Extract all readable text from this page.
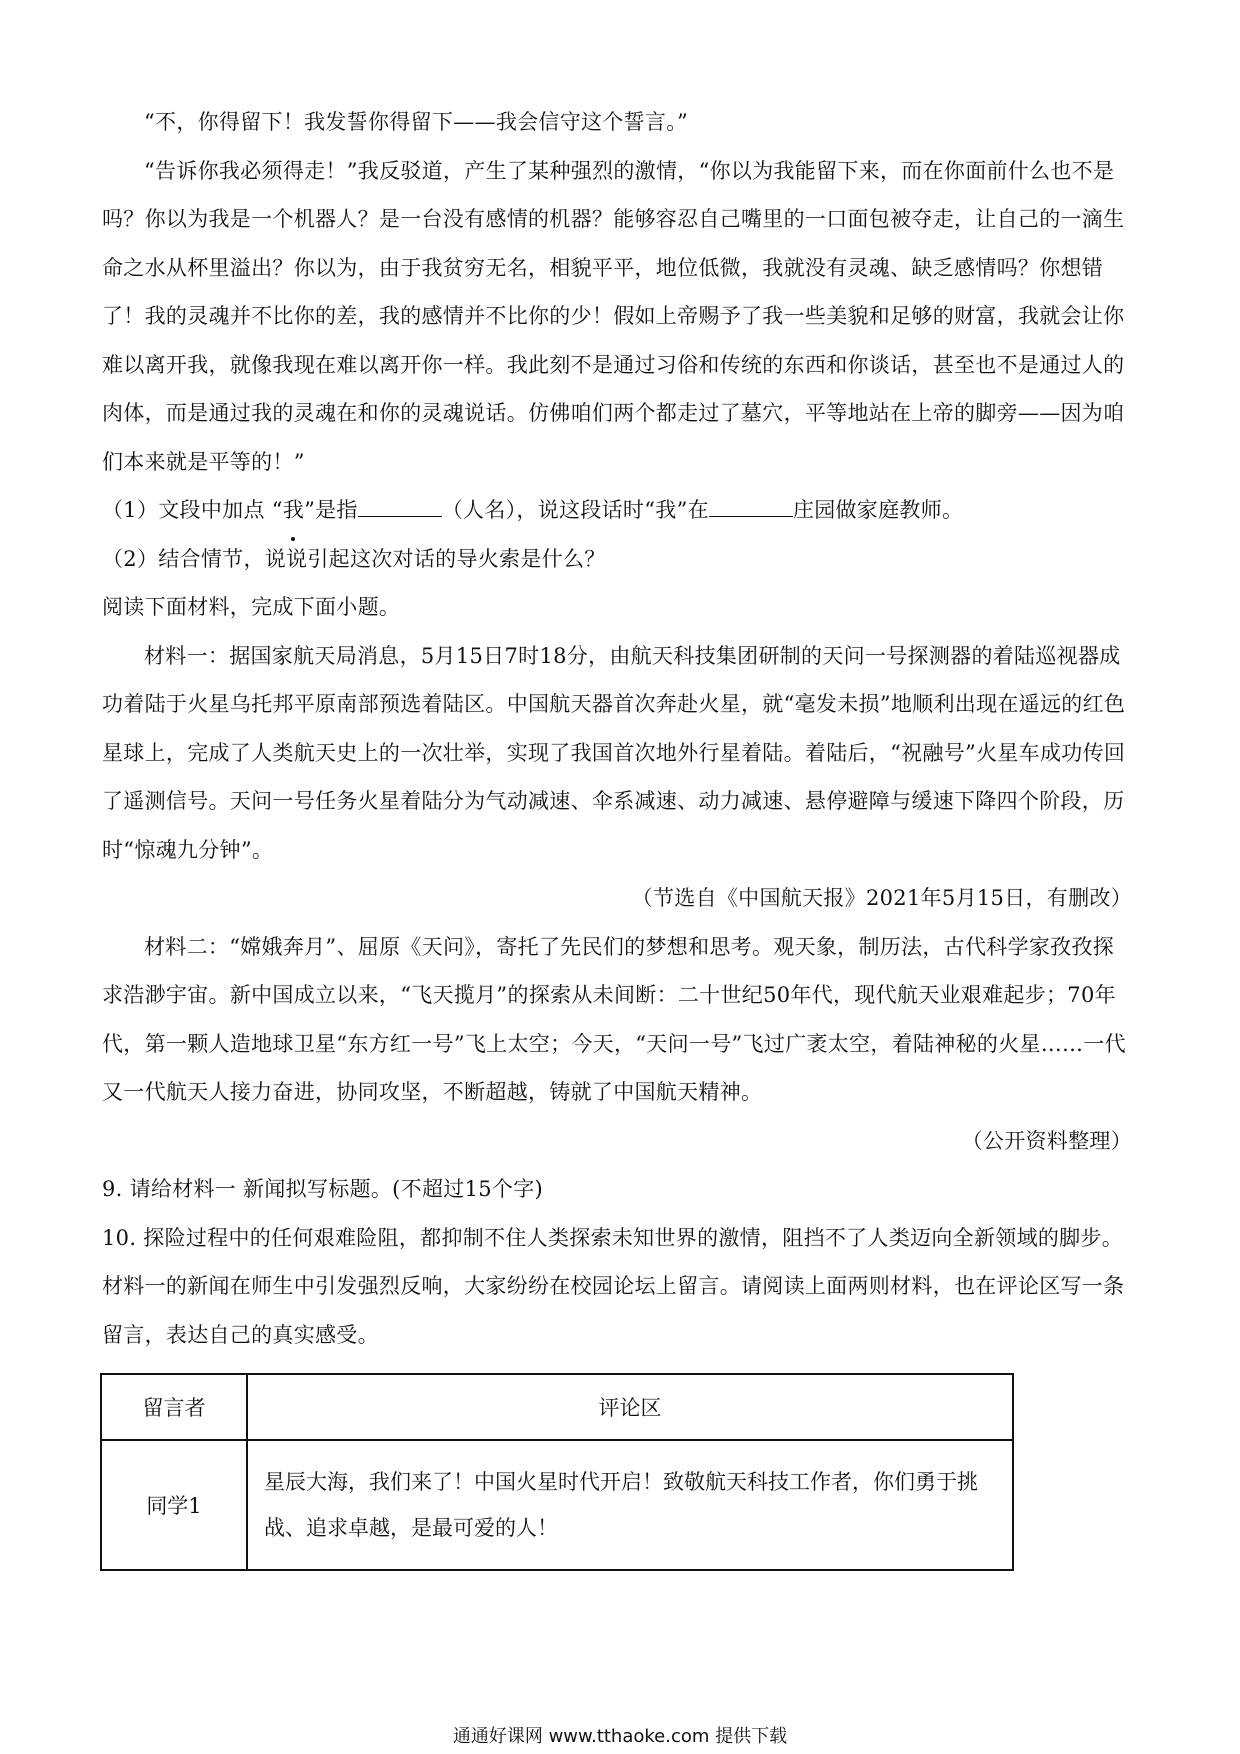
“不，你得留下！我发誓你得留下——我会信守这个誓言。”

“告诉你我必须得走！”我反驳道，产生了某种强烈的激情，“你以为我能留下来，而在你面前什么也不是吗？你以为我是一个机器人？是一台没有感情的机器？能够容忍自己嘴里的一口面包被夺走，让自己的一滴生命之水从杯里溢出？你以为，由于我贫穷无名，相貌平平，地位低微，我就没有灵魂、缺乏感情吗？你想错了！我的灵魂并不比你的差，我的感情并不比你的少！假如上帝赐予了我一些美貌和足够的财富，我就会让你难以离开我，就像我现在难以离开你一样。我此刻不是通过习俗和传统的东西和你谈话，甚至也不是通过人的肉体，而是通过我的灵魂在和你的灵魂说话。仿佛咱们两个都走过了墓穴，平等地站在上帝的脚旁——因为咱们本来就是平等的！”

（1）文段中加点 “我”是指	（人名），说这段话时“我”在	庄园做家庭教师。

（2）结合情节，说说引起这次对话的导火索是什么？

阅读下面材料，完成下面小题。

材料一：据国家航天局消息，5月15日7时18分，由航天科技集团研制的天问一号探测器的着陆巡视器成功着陆于火星乌托邦平原南部预选着陆区。中国航天器首次奔赴火星，就“毫发未损”地顺利出现在遥远的红色星球上，完成了人类航天史上的一次壮举，实现了我国首次地外行星着陆。着陆后，“祝融号”火星车成功传回了遥测信号。天问一号任务火星着陆分为气动减速、伞系减速、动力减速、悬停避障与缓速下降四个阶段，历时“惊魂九分钟”。

（节选自《中国航天报》2021年5月15日，有删改）

材料二：“嫦娥奔月”、屈原《天问》，寄托了先民们的梦想和思考。观天象，制历法，古代科学家孜孜探求浩渺宇宙。新中国成立以来，“飞天揽月”的探索从未间断：二十世纪50年代，现代航天业艰难起步；70年代，第一颗人造地球卫星“东方红一号”飞上太空；今天，“天问一号”飞过广袤太空，着陆神秘的火星……一代又一代航天人接力奋进，协同攻坚，不断超越，铸就了中国航天精神。

（公开资料整理）

9. 请给材料一 新闻拟写标题。(不超过15个字)

10. 探险过程中的任何艰难险阻，都抑制不住人类探索未知世界的激情，阻挡不了人类迈向全新领域的脚步。材料一的新闻在师生中引发强烈反响，大家纷纷在校园论坛上留言。请阅读上面两则材料，也在评论区写一条留言，表达自己的真实感受。

留言者	评论区
同学1	星辰大海，我们来了！中国火星时代开启！致敬航天科技工作者，你们勇于挑战、追求卓越，是最可爱的人！
通通好课网 www.tthaoke.com 提供下载
